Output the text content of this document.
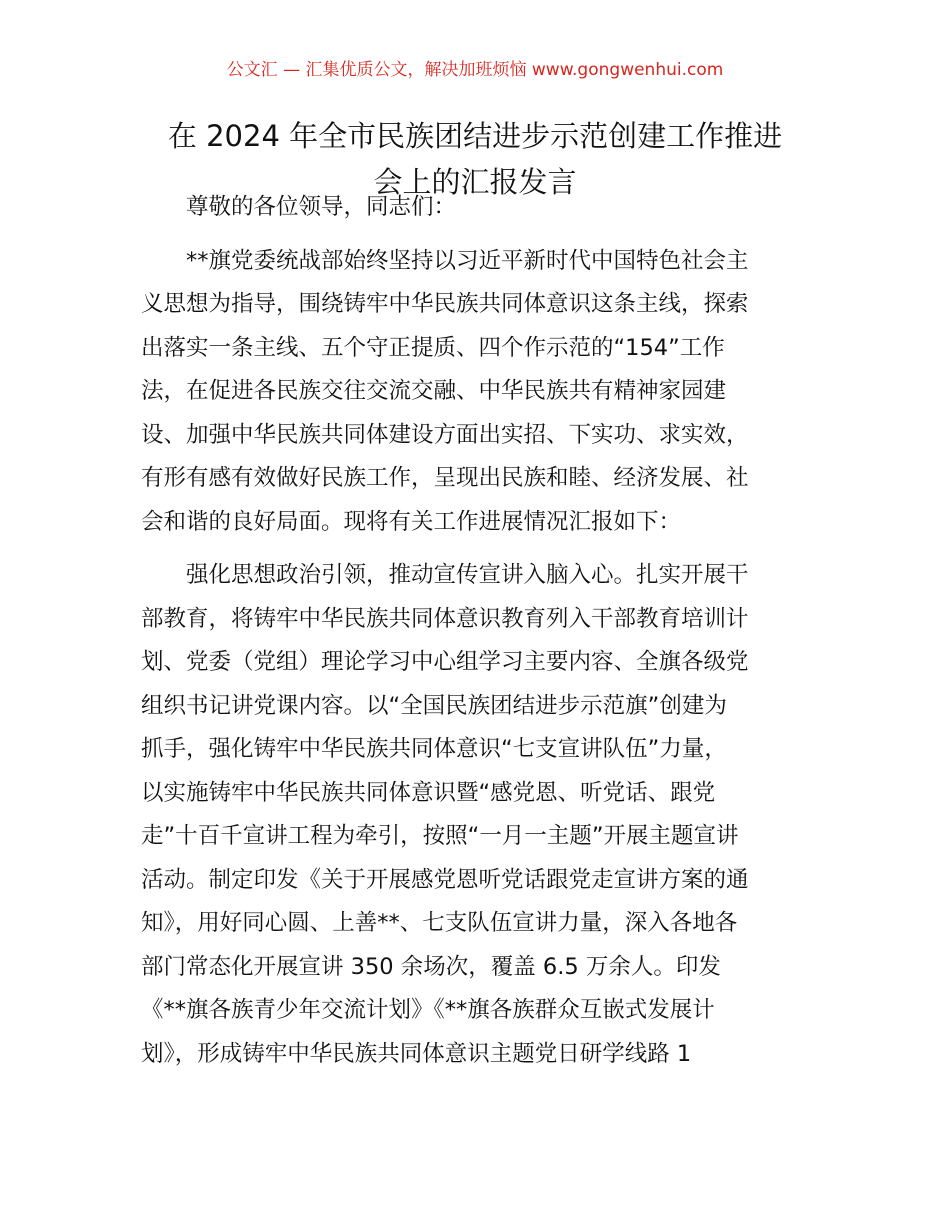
公文汇 — 汇集优质公文，解决加班烦恼 www.gongwenhui.com
在 2024 年全市民族团结进步示范创建工作推进
会上的汇报发言
尊敬的各位领导，同志们：
**旗党委统战部始终坚持以习近平新时代中国特色社会主
义思想为指导，围绕铸牢中华民族共同体意识这条主线，探索
出落实一条主线、五个守正提质、四个作示范的“154”工作
法，在促进各民族交往交流交融、中华民族共有精神家园建
设、加强中华民族共同体建设方面出实招、下实功、求实效，
有形有感有效做好民族工作，呈现出民族和睦、经济发展、社
会和谐的良好局面。现将有关工作进展情况汇报如下：
强化思想政治引领，推动宣传宣讲入脑入心。扎实开展干
部教育，将铸牢中华民族共同体意识教育列入干部教育培训计
划、党委（党组）理论学习中心组学习主要内容、全旗各级党
组织书记讲党课内容。以“全国民族团结进步示范旗”创建为
抓手，强化铸牢中华民族共同体意识“七支宣讲队伍”力量，
以实施铸牢中华民族共同体意识暨“感党恩、听党话、跟党
走”十百千宣讲工程为牵引，按照“一月一主题”开展主题宣讲
活动。制定印发《关于开展感党恩听党话跟党走宣讲方案的通
知》，用好同心圆、上善**、七支队伍宣讲力量，深入各地各
部门常态化开展宣讲 350 余场次，覆盖 6.5 万余人。印发
《**旗各族青少年交流计划》《**旗各族群众互嵌式发展计
划》，形成铸牢中华民族共同体意识主题党日研学线路 1
